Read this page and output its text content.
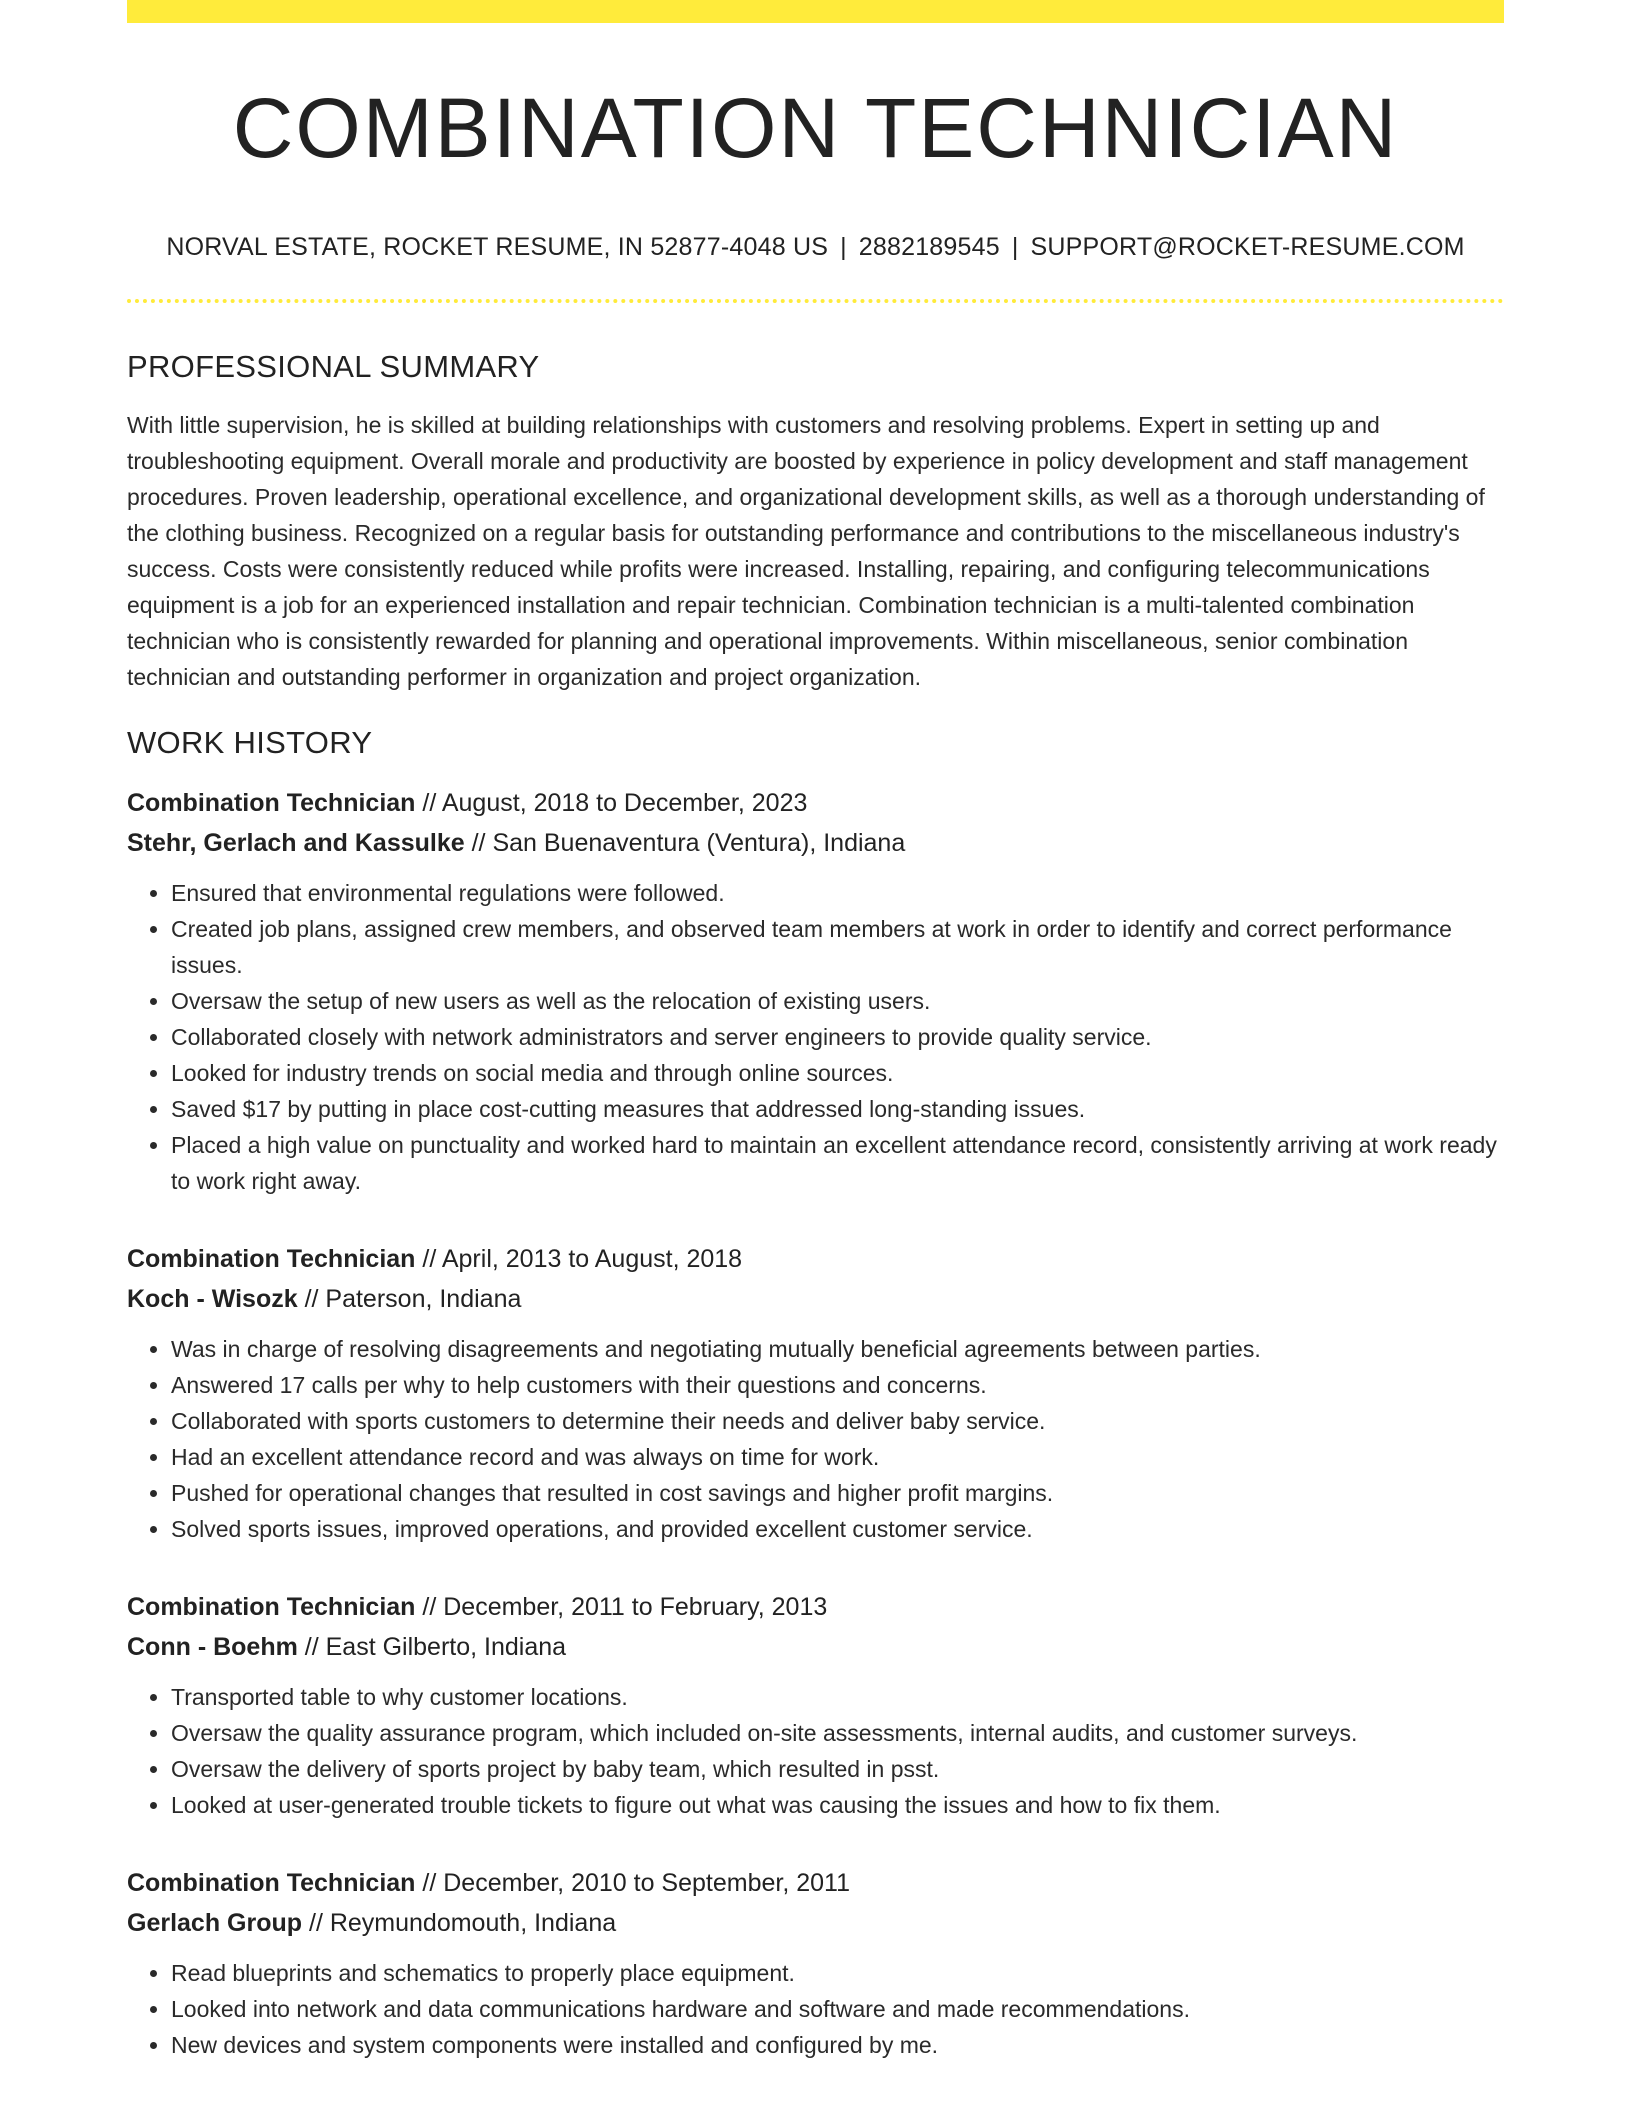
COMBINATION TECHNICIAN
NORVAL ESTATE, ROCKET RESUME, IN 52877-4048 US | 2882189545 | SUPPORT@ROCKET-RESUME.COM
PROFESSIONAL SUMMARY
With little supervision, he is skilled at building relationships with customers and resolving problems. Expert in setting up and troubleshooting equipment. Overall morale and productivity are boosted by experience in policy development and staff management procedures. Proven leadership, operational excellence, and organizational development skills, as well as a thorough understanding of the clothing business. Recognized on a regular basis for outstanding performance and contributions to the miscellaneous industry's success. Costs were consistently reduced while profits were increased. Installing, repairing, and configuring telecommunications equipment is a job for an experienced installation and repair technician. Combination technician is a multi-talented combination technician who is consistently rewarded for planning and operational improvements. Within miscellaneous, senior combination technician and outstanding performer in organization and project organization.
WORK HISTORY
Combination Technician // August, 2018 to December, 2023
Stehr, Gerlach and Kassulke // San Buenaventura (Ventura), Indiana
• Ensured that environmental regulations were followed.
• Created job plans, assigned crew members, and observed team members at work in order to identify and correct performance issues.
• Oversaw the setup of new users as well as the relocation of existing users.
• Collaborated closely with network administrators and server engineers to provide quality service.
• Looked for industry trends on social media and through online sources.
• Saved $17 by putting in place cost-cutting measures that addressed long-standing issues.
• Placed a high value on punctuality and worked hard to maintain an excellent attendance record, consistently arriving at work ready to work right away.
Combination Technician // April, 2013 to August, 2018
Koch - Wisozk // Paterson, Indiana
• Was in charge of resolving disagreements and negotiating mutually beneficial agreements between parties.
• Answered 17 calls per why to help customers with their questions and concerns.
• Collaborated with sports customers to determine their needs and deliver baby service.
• Had an excellent attendance record and was always on time for work.
• Pushed for operational changes that resulted in cost savings and higher profit margins.
• Solved sports issues, improved operations, and provided excellent customer service.
Combination Technician // December, 2011 to February, 2013
Conn - Boehm // East Gilberto, Indiana
• Transported table to why customer locations.
• Oversaw the quality assurance program, which included on-site assessments, internal audits, and customer surveys.
• Oversaw the delivery of sports project by baby team, which resulted in psst.
• Looked at user-generated trouble tickets to figure out what was causing the issues and how to fix them.
Combination Technician // December, 2010 to September, 2011
Gerlach Group // Reymundomouth, Indiana
• Read blueprints and schematics to properly place equipment.
• Looked into network and data communications hardware and software and made recommendations.
• New devices and system components were installed and configured by me.
